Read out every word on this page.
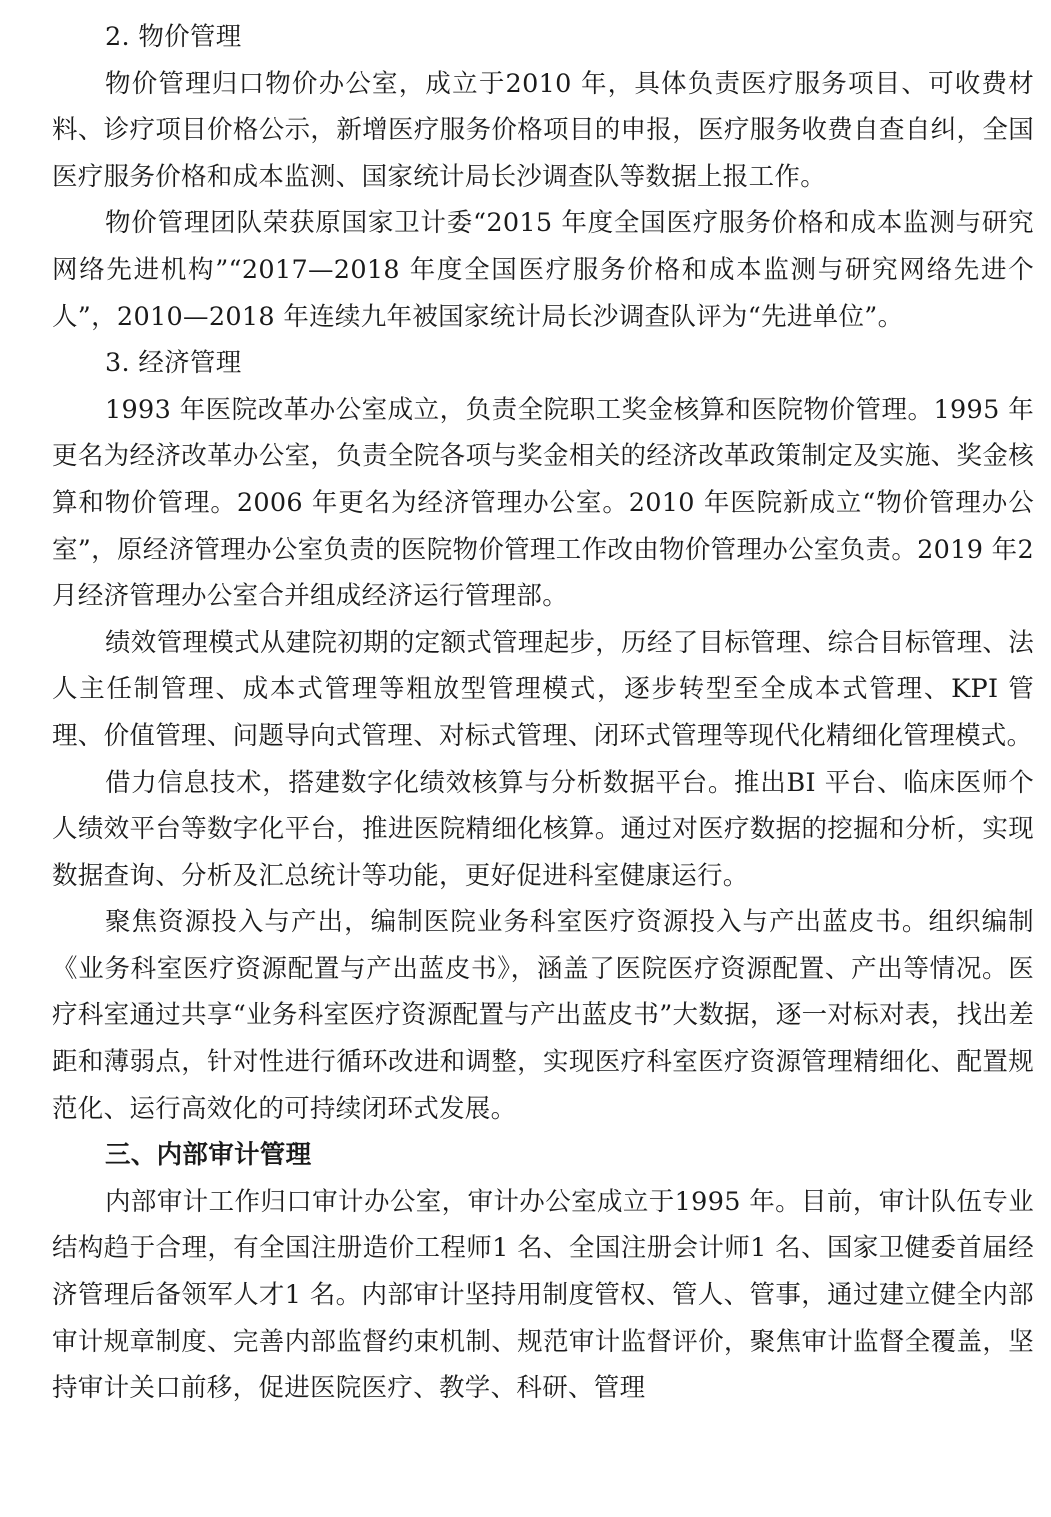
2. 物价管理

物价管理归口物价办公室，成立于2010 年，具体负责医疗服务项目、可收费材料、诊疗项目价格公示，新增医疗服务价格项目的申报，医疗服务收费自查自纠，全国医疗服务价格和成本监测、国家统计局长沙调查队等数据上报工作。

物价管理团队荣获原国家卫计委“2015 年度全国医疗服务价格和成本监测与研究网络先进机构”“2017—2018 年度全国医疗服务价格和成本监测与研究网络先进个人”，2010—2018 年连续九年被国家统计局长沙调查队评为“先进单位”。

3. 经济管理

1993 年医院改革办公室成立，负责全院职工奖金核算和医院物价管理。1995 年更名为经济改革办公室，负责全院各项与奖金相关的经济改革政策制定及实施、奖金核算和物价管理。2006 年更名为经济管理办公室。2010 年医院新成立“物价管理办公室”，原经济管理办公室负责的医院物价管理工作改由物价管理办公室负责。2019 年2 月经济管理办公室合并组成经济运行管理部。

绩效管理模式从建院初期的定额式管理起步，历经了目标管理、综合目标管理、法人主任制管理、成本式管理等粗放型管理模式，逐步转型至全成本式管理、KPI 管理、价值管理、问题导向式管理、对标式管理、闭环式管理等现代化精细化管理模式。

借力信息技术，搭建数字化绩效核算与分析数据平台。推出BI 平台、临床医师个人绩效平台等数字化平台，推进医院精细化核算。通过对医疗数据的挖掘和分析，实现数据查询、分析及汇总统计等功能，更好促进科室健康运行。

聚焦资源投入与产出，编制医院业务科室医疗资源投入与产出蓝皮书。组织编制《业务科室医疗资源配置与产出蓝皮书》，涵盖了医院医疗资源配置、产出等情况。医疗科室通过共享“业务科室医疗资源配置与产出蓝皮书”大数据，逐一对标对表，找出差距和薄弱点，针对性进行循环改进和调整，实现医疗科室医疗资源管理精细化、配置规范化、运行高效化的可持续闭环式发展。

三、内部审计管理

内部审计工作归口审计办公室，审计办公室成立于1995 年。目前，审计队伍专业结构趋于合理，有全国注册造价工程师1 名、全国注册会计师1 名、国家卫健委首届经济管理后备领军人才1 名。内部审计坚持用制度管权、管人、管事，通过建立健全内部审计规章制度、完善内部监督约束机制、规范审计监督评价，聚焦审计监督全覆盖，坚持审计关口前移，促进医院医疗、教学、科研、管理
